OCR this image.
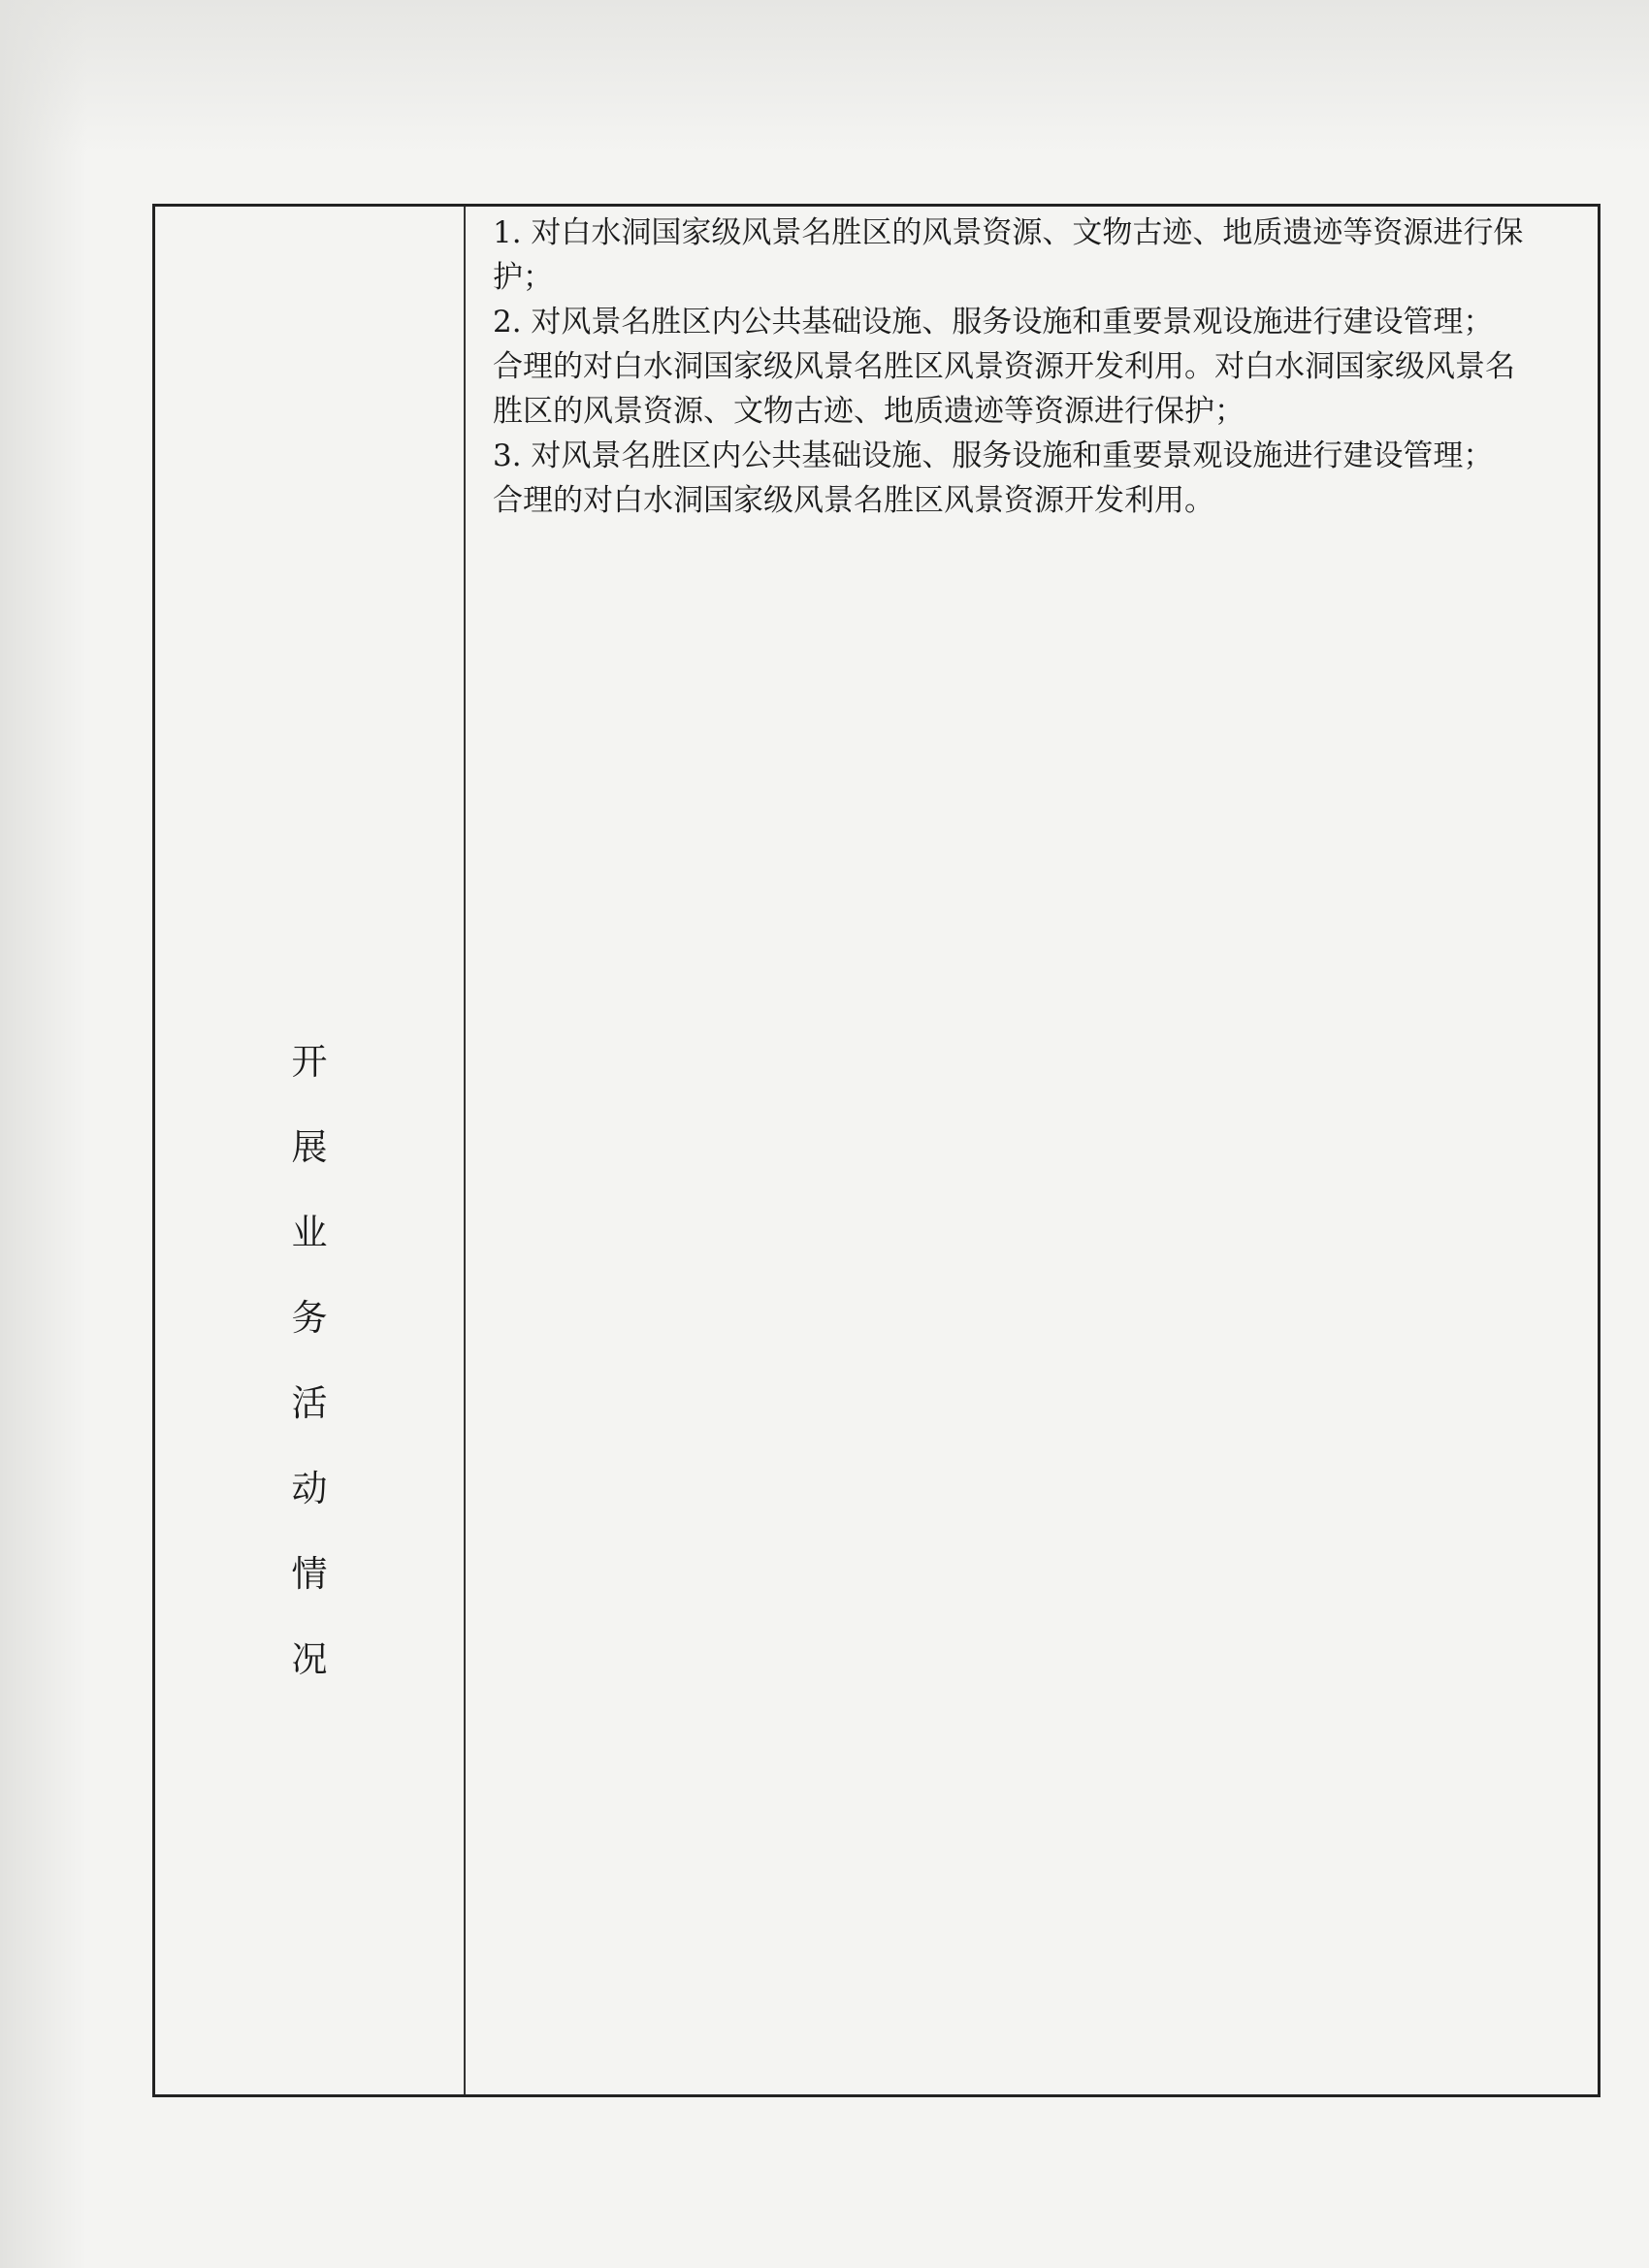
开
展
业
务
活
动
情
况

1. 对白水洞国家级风景名胜区的风景资源、文物古迹、地质遗迹等资源进行保

护；

2. 对风景名胜区内公共基础设施、服务设施和重要景观设施进行建设管理；

合理的对白水洞国家级风景名胜区风景资源开发利用。对白水洞国家级风景名

胜区的风景资源、文物古迹、地质遗迹等资源进行保护；

3. 对风景名胜区内公共基础设施、服务设施和重要景观设施进行建设管理；

合理的对白水洞国家级风景名胜区风景资源开发利用。
